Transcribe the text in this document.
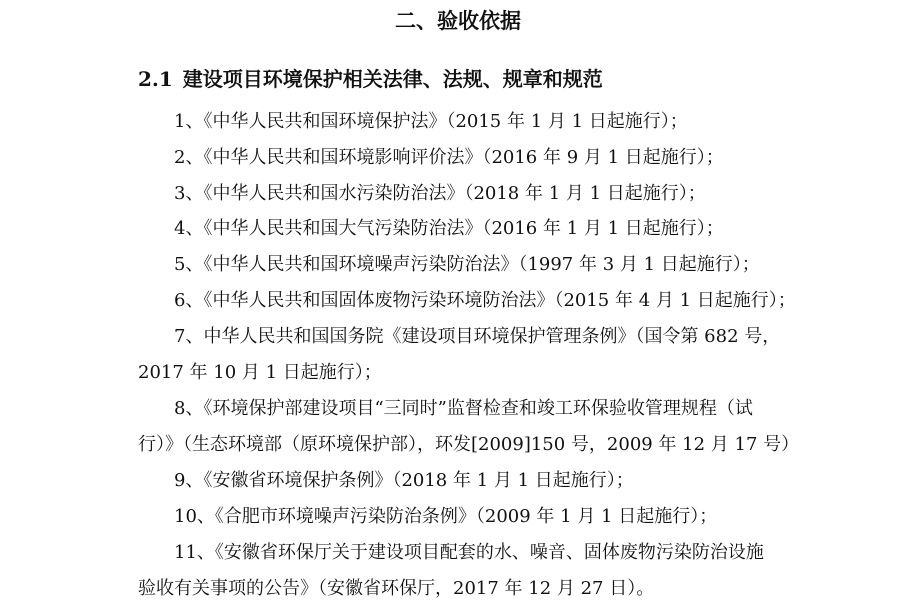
二、验收依据
2.1 建设项目环境保护相关法律、法规、规章和规范
1、《中华人民共和国环境保护法》（2015 年 1 月 1 日起施行）；
2、《中华人民共和国环境影响评价法》（2016 年 9 月 1 日起施行）；
3、《中华人民共和国水污染防治法》（2018 年 1 月 1 日起施行）；
4、《中华人民共和国大气污染防治法》（2016 年 1 月 1 日起施行）；
5、《中华人民共和国环境噪声污染防治法》（1997 年 3 月 1 日起施行）；
6、《中华人民共和国固体废物污染环境防治法》（2015 年 4 月 1 日起施行）；
7、中华人民共和国国务院《建设项目环境保护管理条例》（国令第 682 号，
2017 年 10 月 1 日起施行）；
8、《环境保护部建设项目“三同时”监督检查和竣工环保验收管理规程（试
行）》（生态环境部（原环境保护部），环发[2009]150 号，2009 年 12 月 17 号）
9、《安徽省环境保护条例》（2018 年 1 月 1 日起施行）；
10、《合肥市环境噪声污染防治条例》（2009 年 1 月 1 日起施行）；
11、《安徽省环保厅关于建设项目配套的水、噪音、固体废物污染防治设施
验收有关事项的公告》（安徽省环保厅，2017 年 12 月 27 日）。
